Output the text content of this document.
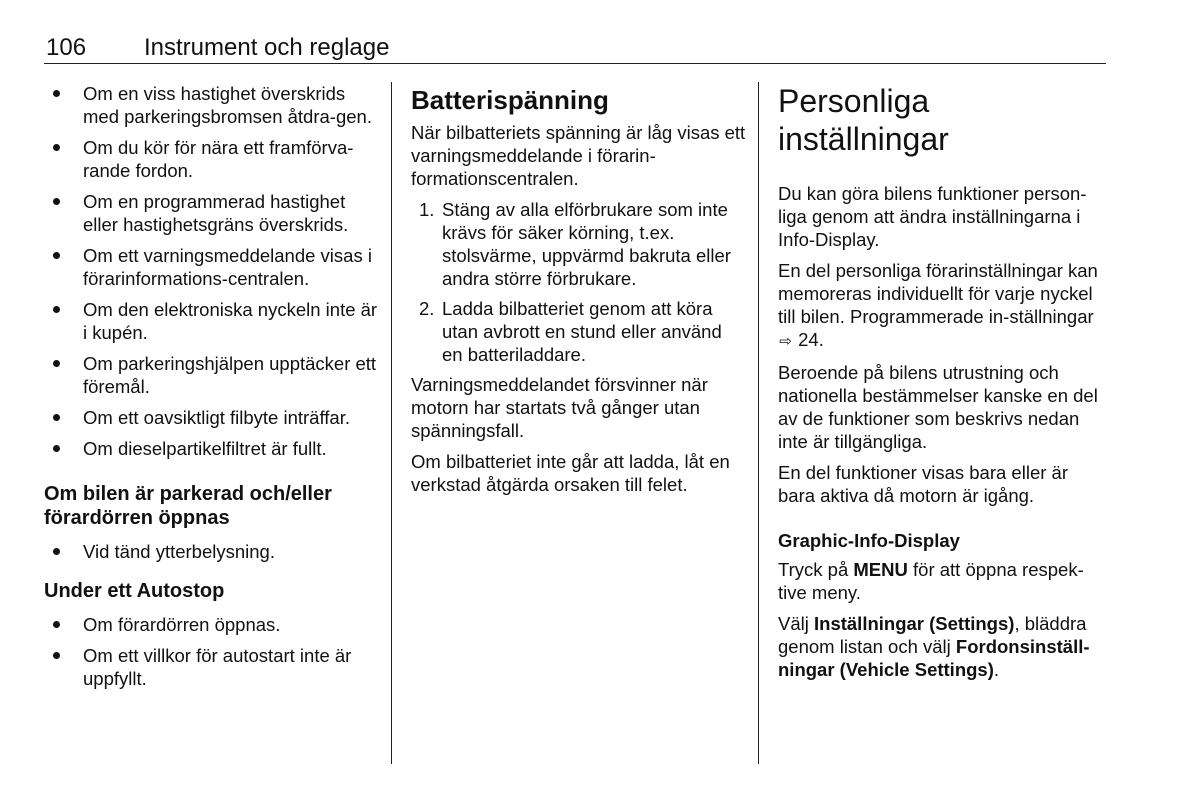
106 Instrument och reglage
Om en viss hastighet överskrids med parkeringsbromsen åtdra-gen.
Om du kör för nära ett framförva-rande fordon.
Om en programmerad hastighet eller hastighetsgräns överskrids.
Om ett varningsmeddelande visas i förarinformations-centralen.
Om den elektroniska nyckeln inte är i kupén.
Om parkeringshjälpen upptäcker ett föremål.
Om ett oavsiktligt filbyte inträffar.
Om dieselpartikelfiltret är fullt.
Om bilen är parkerad och/eller förardörren öppnas
Vid tänd ytterbelysning.
Under ett Autostop
Om förardörren öppnas.
Om ett villkor för autostart inte är uppfyllt.
Batterispänning

När bilbatteriets spänning är låg visas ett varningsmeddelande i förarin-formationscentralen.

1. Stäng av alla elförbrukare som inte krävs för säker körning, t.ex. stolsvärme, uppvärmd bakruta eller andra större förbrukare.
2. Ladda bilbatteriet genom att köra utan avbrott en stund eller använd en batteriladdare.

Varningsmeddelandet försvinner när motorn har startats två gånger utan spänningsfall.

Om bilbatteriet inte går att ladda, låt en verkstad åtgärda orsaken till felet.

Personliga inställningar

Du kan göra bilens funktioner person-liga genom att ändra inställningarna i Info-Display.

En del personliga förarinställningar kan memoreras individuellt för varje nyckel till bilen. Programmerade in-ställningar ⇨ 24.

Beroende på bilens utrustning och nationella bestämmelser kanske en del av de funktioner som beskrivs nedan inte är tillgängliga.

En del funktioner visas bara eller är bara aktiva då motorn är igång.

Graphic-Info-Display

Tryck på MENU för att öppna respek-tive meny.

Välj Inställningar (Settings), bläddra genom listan och välj Fordonsinställ-ningar (Vehicle Settings).
